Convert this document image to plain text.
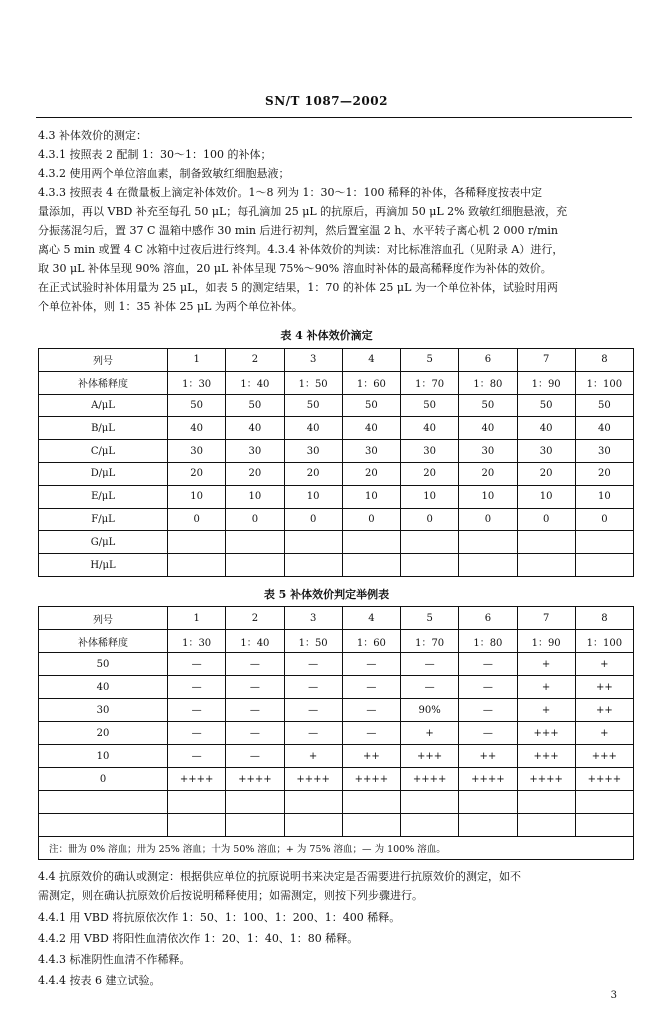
SN/T 1087—2002
4.3 补体效价的测定：
4.3.1 按照表 2 配制 1：30～1：100 的补体；
4.3.2 使用两个单位溶血素，制备致敏红细胞悬液；
4.3.3 按照表 4 在微量板上滴定补体效价。1～8 列为 1：30～1：100 稀释的补体，各稀释度按表中定
量添加，再以 VBD 补充至每孔 50 μL；每孔滴加 25 μL 的抗原后，再滴加 50 μL 2% 致敏红细胞悬液，充
分振荡混匀后，置 37 C 温箱中感作 30 min 后进行初判，然后置室温 2 h、水平转子离心机 2 000 r/min
离心 5 min 或置 4 C 冰箱中过夜后进行终判。4.3.4 补体效价的判读：对比标准溶血孔（见附录 A）进行，
取 30 μL 补体呈现 90% 溶血，20 μL 补体呈现 75%～90% 溶血时补体的最高稀释度作为补体的效价。
在正式试验时补体用量为 25 μL，如表 5 的测定结果，1：70 的补体 25 μL 为一个单位补体，试验时用两
个单位补体，则 1：35 补体 25 μL 为两个单位补体。
表 4 补体效价滴定
列号	1	2	3	4	5	6	7	8
补体稀释度	1：30	1：40	1：50	1：60	1：70	1：80	1：90	1：100
A/μL	50	50	50	50	50	50	50	50
B/μL	40	40	40	40	40	40	40	40
C/μL	30	30	30	30	30	30	30	30
D/μL	20	20	20	20	20	20	20	20
E/μL	10	10	10	10	10	10	10	10
F/μL	0	0	0	0	0	0	0	0
G/μL								
H/μL								
表 5 补体效价判定举例表
列号	1	2	3	4	5	6	7	8
补体稀释度	1：30	1：40	1：50	1：60	1：70	1：80	1：90	1：100
50	—	—	—	—	—	—	+	+
40	—	—	—	—	—	—	+	++
30	—	—	—	—	90%	—	+	++
20	—	—	—	—	+	—	+++	+
10	—	—	+	++	+++	++	+++	+++
0	++++	++++	++++	++++	++++	++++	++++	++++

注：卌为 0% 溶血；卅为 25% 溶血；十为 50% 溶血；+ 为 75% 溶血；— 为 100% 溶血。								
4.4 抗原效价的确认或测定：根据供应单位的抗原说明书来决定是否需要进行抗原效价的测定，如不
需测定，则在确认抗原效价后按说明稀释使用；如需测定，则按下列步骤进行。
4.4.1 用 VBD 将抗原依次作 1：50、1：100、1：200、1：400 稀释。
4.4.2 用 VBD 将阳性血清依次作 1：20、1：40、1：80 稀释。
4.4.3 标准阴性血清不作稀释。
4.4.4 按表 6 建立试验。
3
